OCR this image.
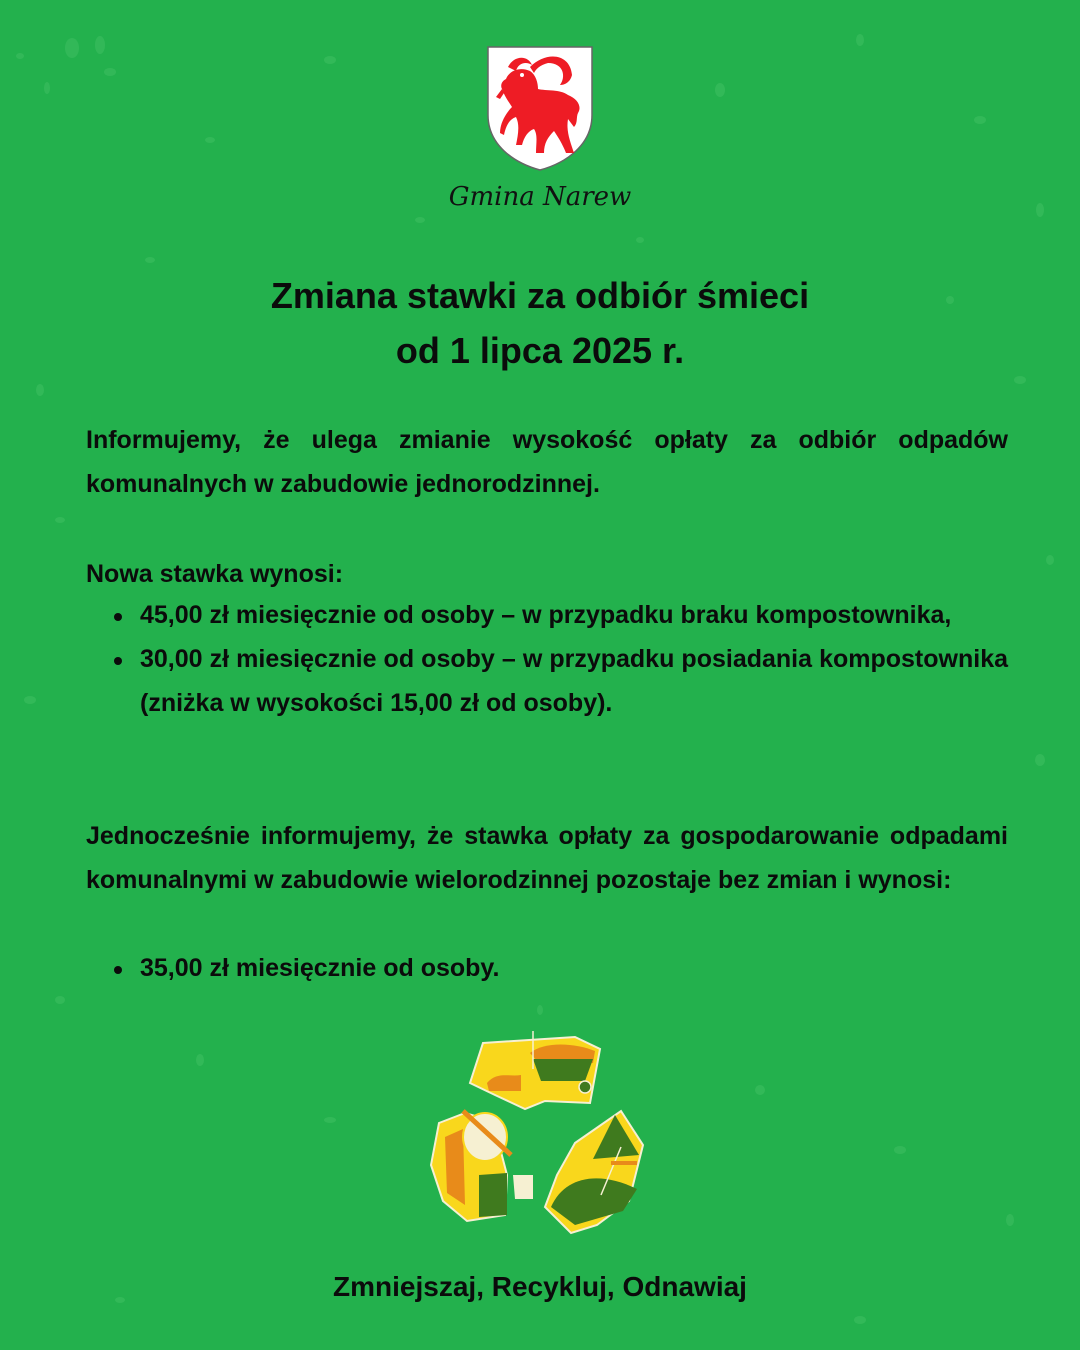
Gmina Narew
Zmiana stawki za odbiór śmieci
od 1 lipca 2025 r.

Informujemy, że ulega zmianie wysokość opłaty za odbiór odpadów komunalnych w zabudowie jednorodzinnej.

Nowa stawka wynosi:

45,00 zł miesięcznie od osoby – w przypadku braku kompostownika,
30,00 zł miesięcznie od osoby – w przypadku posiadania kompostownika (zniżka w wysokości 15,00 zł od osoby).

Jednocześnie informujemy, że stawka opłaty za gospodarowanie odpadami komunalnymi w zabudowie wielorodzinnej pozostaje bez zmian i wynosi:

35,00 zł miesięcznie od osoby.
Zmniejszaj, Recykluj, Odnawiaj
